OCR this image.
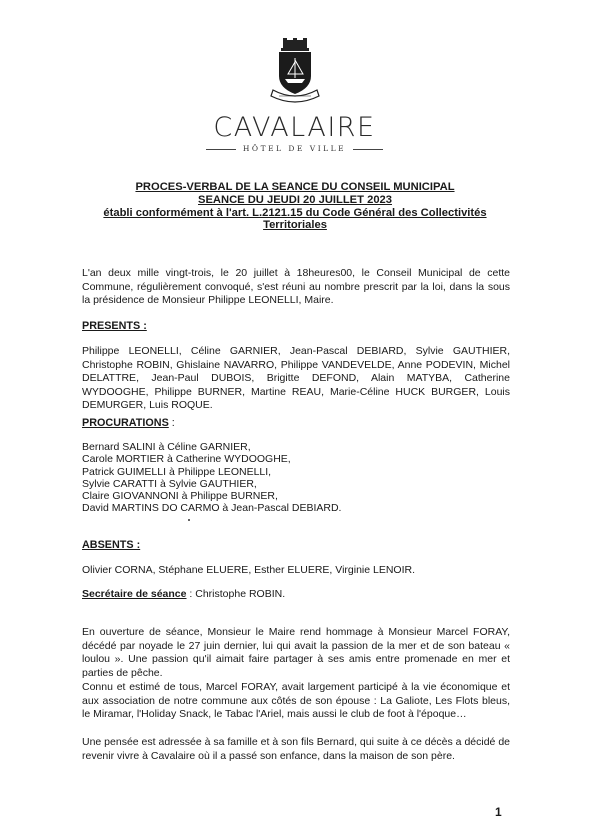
CAVALAIRE
HÔTEL DE VILLE
PROCES-VERBAL DE LA SEANCE DU CONSEIL MUNICIPAL
SEANCE DU JEUDI 20 JUILLET 2023
établi conformément à l'art. L.2121.15 du Code Général des Collectivités
Territoriales
L'an deux mille vingt-trois, le 20 juillet à 18heures00, le Conseil Municipal de cette Commune, régulièrement convoqué, s'est réuni au nombre prescrit par la loi, dans la sous la présidence de Monsieur Philippe LEONELLI, Maire.
PRESENTS :
Philippe LEONELLI, Céline GARNIER, Jean-Pascal DEBIARD, Sylvie GAUTHIER, Christophe ROBIN, Ghislaine NAVARRO, Philippe VANDEVELDE, Anne PODEVIN, Michel DELATTRE, Jean-Paul DUBOIS, Brigitte DEFOND, Alain MATYBA, Catherine WYDOOGHE, Philippe BURNER, Martine REAU, Marie-Céline HUCK BURGER, Louis DEMURGER, Luis ROQUE.
PROCURATIONS :
Bernard SALINI à Céline GARNIER,
Carole MORTIER à Catherine WYDOOGHE,
Patrick GUIMELLI à Philippe LEONELLI,
Sylvie CARATTI à Sylvie GAUTHIER,
Claire GIOVANNONI à Philippe BURNER,
David MARTINS DO CARMO à Jean-Pascal DEBIARD.
ABSENTS :
Olivier CORNA, Stéphane ELUERE, Esther ELUERE, Virginie LENOIR.
Secrétaire de séance : Christophe ROBIN.
En ouverture de séance, Monsieur le Maire rend hommage à Monsieur Marcel FORAY, décédé par noyade le 27 juin dernier, lui qui avait la passion de la mer et de son bateau « loulou ». Une passion qu'il aimait faire partager à ses amis entre promenade en mer et parties de pêche.
Connu et estimé de tous, Marcel FORAY, avait largement participé à la vie économique et aux association de notre commune aux côtés de son épouse : La Galiote, Les Flots bleus, le Miramar, l'Holiday Snack, le Tabac l'Ariel, mais aussi le club de foot à l'époque…
Une pensée est adressée à sa famille et à son fils Bernard, qui suite à ce décès a décidé de revenir vivre à Cavalaire où il a passé son enfance, dans la maison de son père.
1
